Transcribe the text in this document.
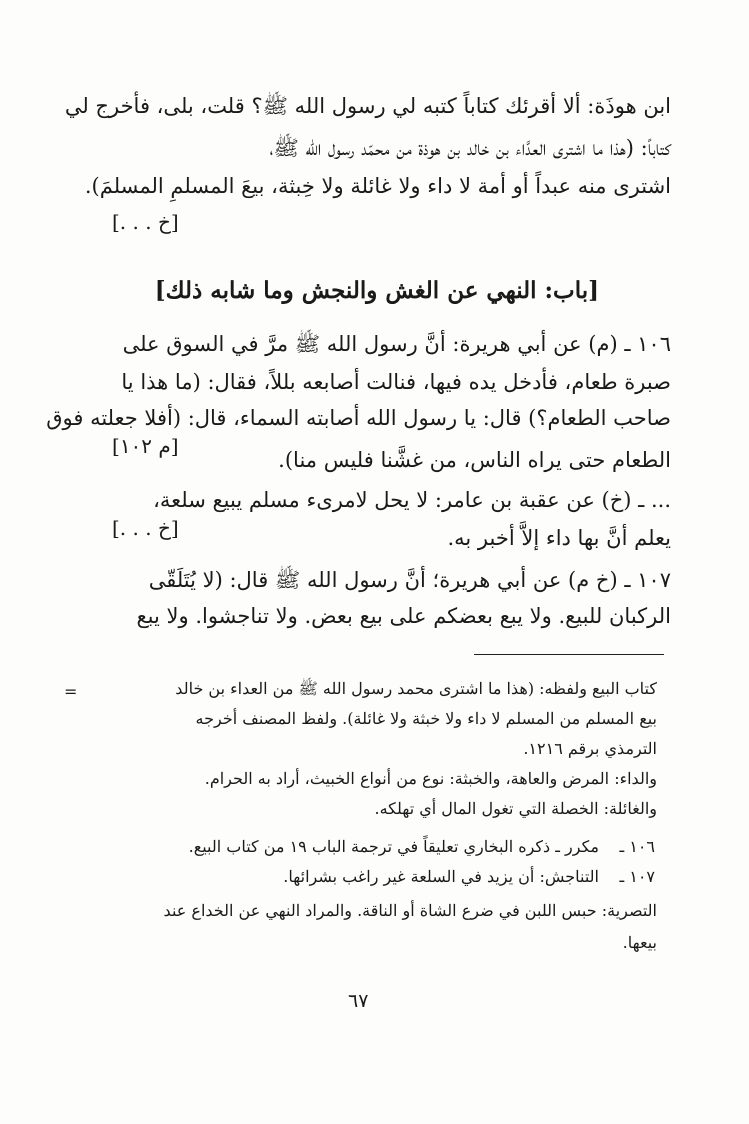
ابن هوذَة: ألا أقرئك كتاباً كتبه لي رسول الله ﷺ؟ قلت، بلى، فأخرج لي
كتاباً: (هذا ما اشترى العدَّاء بن خالد بن هوذة من محمّد رسول الله ﷺ،
اشترى منه عبداً أو أمة لا داء ولا غائلة ولا خِبثة، بيعَ المسلمِ المسلمَ).
[خ . . .]
[باب: النهي عن الغش والنجش وما شابه ذلك]
١٠٦ ـ (م) عن أبي هريرة: أنَّ رسول الله ﷺ مرَّ في السوق على
صبرة طعام، فأدخل يده فيها، فنالت أصابعه بللاً، فقال: (ما هذا يا
صاحب الطعام؟) قال: يا رسول الله أصابته السماء، قال: (أفلا جعلته فوق
[م ١٠٢]
الطعام حتى يراه الناس، من غشَّنا فليس منا).
... ـ (خ) عن عقبة بن عامر: لا يحل لامرىء مسلم يبيع سلعة،
[خ . . .]	يعلم أنَّ بها داء إلاَّ أخبر به.
١٠٧ ـ (خ م) عن أبي هريرة؛ أنَّ رسول الله ﷺ قال: (لا يُتَلَقّى
الركبان للبيع. ولا يبع بعضكم على بيع بعض. ولا تناجشوا. ولا يبع
=	كتاب البيع ولفظه: (هذا ما اشترى محمد رسول الله ﷺ من العداء بن خالد
بيع المسلم من المسلم لا داء ولا خبثة ولا غائلة). ولفظ المصنف أخرجه
الترمذي برقم ١٢١٦.
والداء: المرض والعاهة، والخبثة: نوع من أنواع الخبيث، أراد به الحرام.
والغائلة: الخصلة التي تغول المال أي تهلكه.
١٠٦ ـ
مكرر ـ ذكره البخاري تعليقاً في ترجمة الباب ١٩ من كتاب البيع.
١٠٧ ـ
التناجش: أن يزيد في السلعة غير راغب بشرائها.
التصرية: حبس اللبن في ضرع الشاة أو الناقة. والمراد النهي عن الخداع عند
بيعها.
٦٧
